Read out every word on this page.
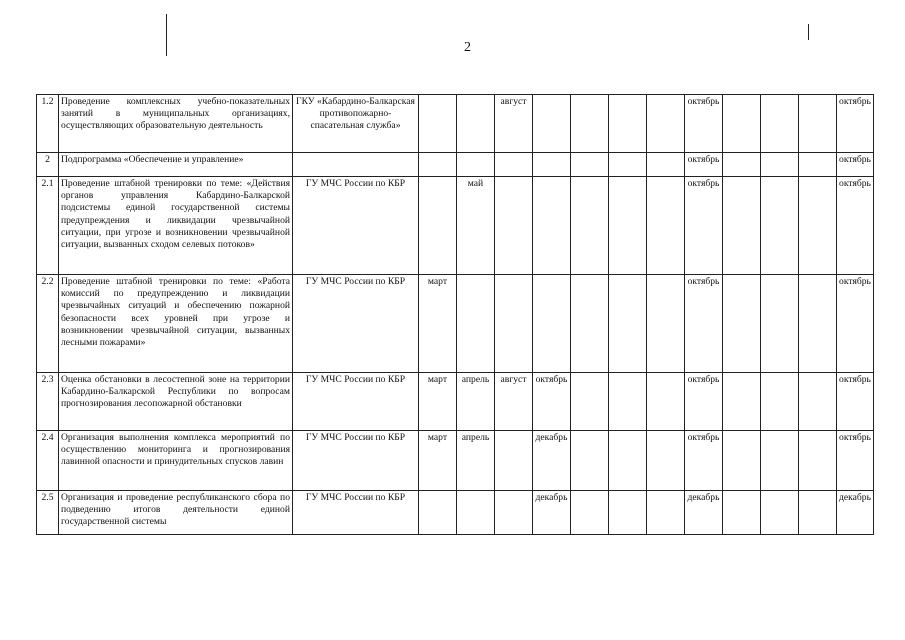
2
1.2	Проведение комплексных учебно-показательных занятий в муниципальных организациях, осуществляющих образовательную деятельность	ГКУ «Кабардино-Балкарская противопожарно-спасательная служба»			август					октябрь				октябрь
2	Подпрограмма «Обеспечение и управление»									октябрь				октябрь
2.1	Проведение штабной тренировки по теме: «Действия органов управления Кабардино-Балкарской подсистемы единой государственной системы предупреждения и ликвидации чрезвычайной ситуации, при угрозе и возникновении чрезвычайной ситуации, вызванных сходом селевых потоков»	ГУ МЧС России по КБР		май						октябрь				октябрь
2.2	Проведение штабной тренировки по теме: «Работа комиссий по предупреждению и ликвидации чрезвычайных ситуаций и обеспечению пожарной безопасности всех уровней при угрозе и возникновении чрезвычайной ситуации, вызванных лесными пожарами»	ГУ МЧС России по КБР	март							октябрь				октябрь
2.3	Оценка обстановки в лесостепной зоне на территории Кабардино-Балкарской Республики по вопросам прогнозирования лесопожарной обстановки	ГУ МЧС России по КБР	март	апрель	август	октябрь				октябрь				октябрь
2.4	Организация выполнения комплекса мероприятий по осуществлению мониторинга и прогнозирования лавинной опасности и принудительных спусков лавин	ГУ МЧС России по КБР	март	апрель		декабрь				октябрь				октябрь
2.5	Организация и проведение республиканского сбора по подведению итогов деятельности единой государственной системы	ГУ МЧС России по КБР				декабрь				декабрь				декабрь
